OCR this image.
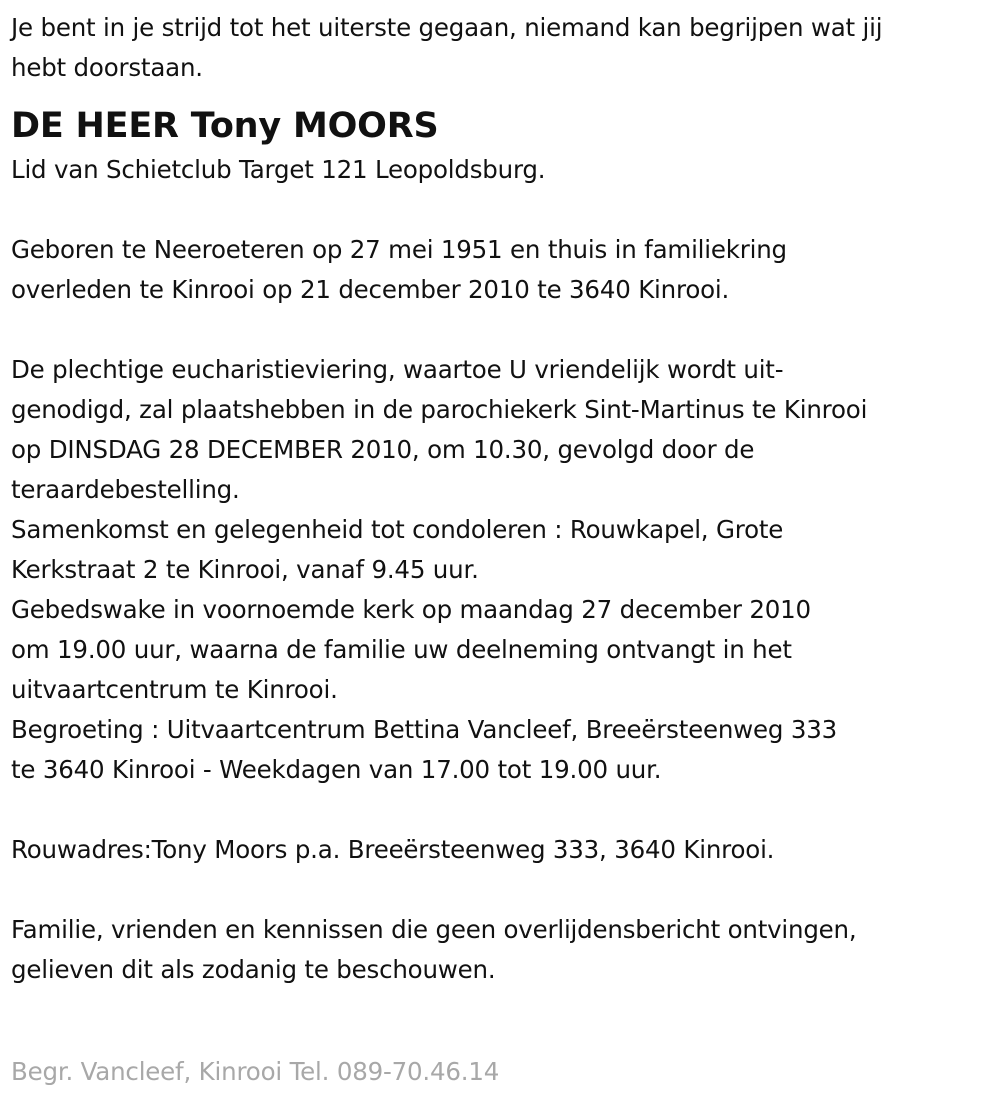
Je bent in je strijd tot het uiterste gegaan, niemand kan begrijpen wat jij
hebt doorstaan.
DE HEER Tony MOORS
Lid van Schietclub Target 121 Leopoldsburg.
Geboren te Neeroeteren op 27 mei 1951 en thuis in familiekring
overleden te Kinrooi op 21 december 2010 te 3640 Kinrooi.
De plechtige eucharistieviering, waartoe U vriendelijk wordt uit-
genodigd, zal plaatshebben in de parochiekerk Sint-Martinus te Kinrooi
op DINSDAG 28 DECEMBER 2010, om 10.30, gevolgd door de
teraardebestelling.
Samenkomst en gelegenheid tot condoleren : Rouwkapel, Grote
Kerkstraat 2 te Kinrooi, vanaf 9.45 uur.
Gebedswake in voornoemde kerk op maandag 27 december 2010
om 19.00 uur, waarna de familie uw deelneming ontvangt in het
uitvaartcentrum te Kinrooi.
Begroeting : Uitvaartcentrum Bettina Vancleef, Breeërsteenweg 333
te 3640 Kinrooi - Weekdagen van 17.00 tot 19.00 uur.
Rouwadres:Tony Moors p.a. Breeërsteenweg 333, 3640 Kinrooi.
Familie, vrienden en kennissen die geen overlijdensbericht ontvingen,
gelieven dit als zodanig te beschouwen.
Begr. Vancleef, Kinrooi Tel. 089-70.46.14
